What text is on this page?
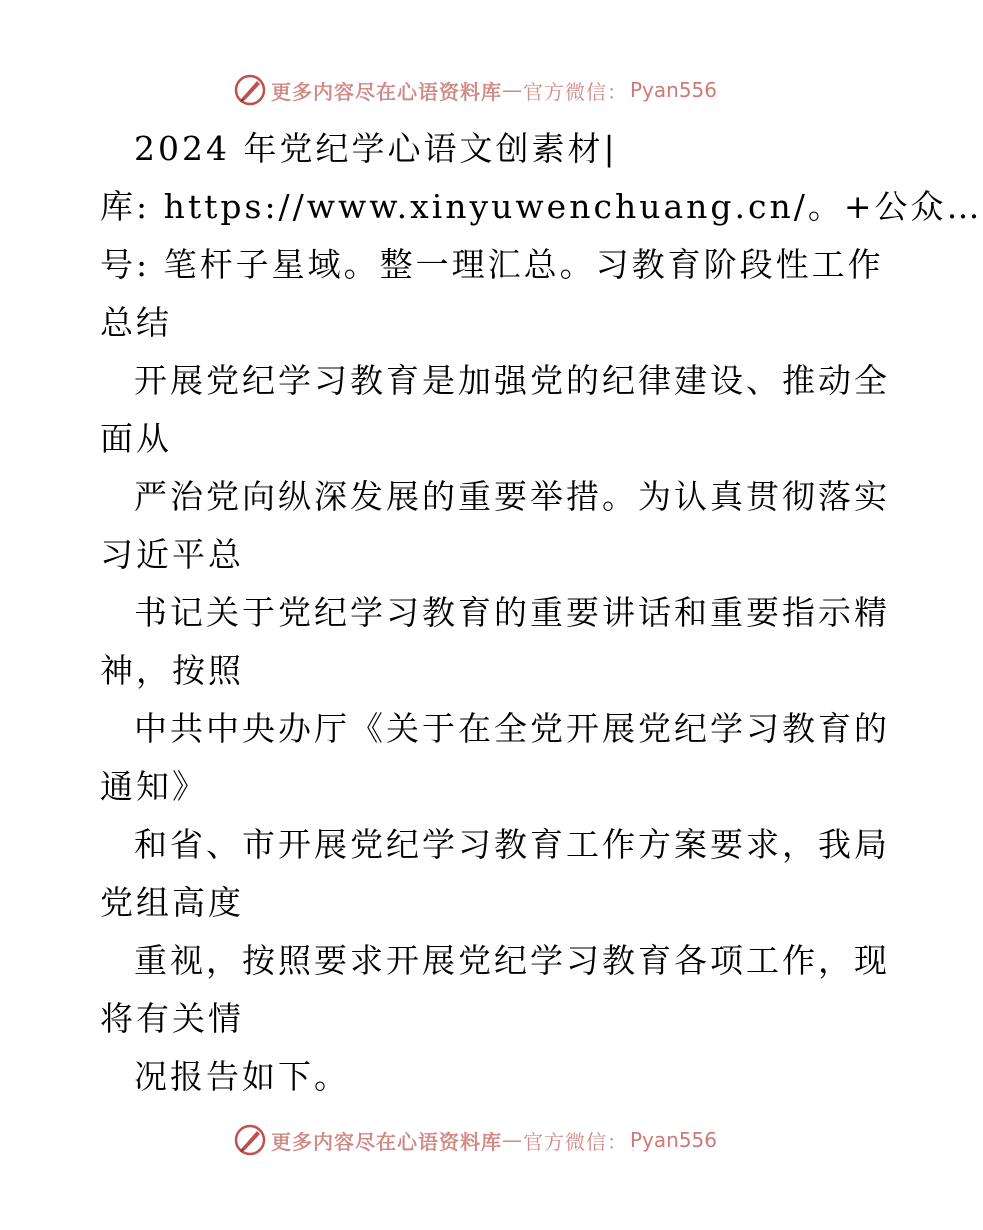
更多内容尽在心语资料库 — 官方微信： Pyan556
2024 年党纪学心语文创素材|
库: https://www.xinyuwenchuang.cn/。+公众…
号: 笔杆子星域。整一理汇总。习教育阶段性工作
总结
开展党纪学习教育是加强党的纪律建设、推动全
面从
严治党向纵深发展的重要举措。为认真贯彻落实
习近平总
书记关于党纪学习教育的重要讲话和重要指示精
神，按照
中共中央办厅《关于在全党开展党纪学习教育的
通知》
和省、市开展党纪学习教育工作方案要求，我局
党组高度
重视，按照要求开展党纪学习教育各项工作，现
将有关情
况报告如下。
更多内容尽在心语资料库 — 官方微信： Pyan556
